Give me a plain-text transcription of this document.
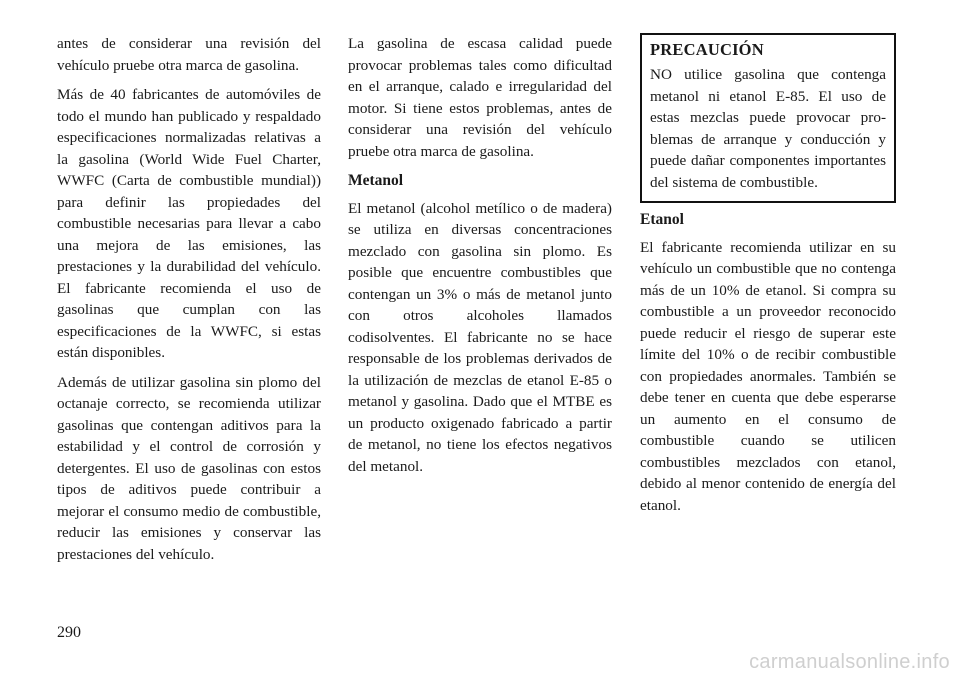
antes de considerar una revisión del vehículo pruebe otra marca de gasolina.

Más de 40 fabricantes de automóviles de todo el mundo han publicado y respaldado especificaciones normalizadas relativas a la gasolina (World Wide Fuel Charter, WWFC (Carta de combustible mundial)) para definir las propiedades del combustible necesarias para llevar a cabo una mejora de las emisiones, las prestaciones y la durabilidad del vehículo. El fabricante recomienda el uso de gasolinas que cumplan con las especificaciones de la WWFC, si estas están disponibles.

Además de utilizar gasolina sin plomo del octanaje correcto, se recomienda utilizar gasolinas que contengan aditivos para la estabilidad y el control de corrosión y detergentes. El uso de gasolinas con estos tipos de aditivos puede contribuir a mejorar el consumo medio de combustible, reducir las emisiones y conservar las prestaciones del vehículo.

La gasolina de escasa calidad puede provocar problemas tales como dificultad en el arranque, calado e irregularidad del motor. Si tiene estos problemas, antes de considerar una revisión del vehículo pruebe otra marca de gasolina.

Metanol

El metanol (alcohol metílico o de madera) se utiliza en diversas concentraciones mezclado con gasolina sin plomo. Es posible que encuentre combustibles que contengan un 3% o más de metanol junto con otros alcoholes llamados codisolventes. El fabricante no se hace responsable de los problemas derivados de la utilización de mezclas de etanol E-85 o metanol y gasolina. Dado que el MTBE es un producto oxigenado fabricado a partir de metanol, no tiene los efectos negativos del metanol.

PRECAUCIÓN

NO utilice gasolina que contenga metanol ni etanol E-85. El uso de estas mezclas puede provocar problemas de arranque y conducción y puede dañar componentes importantes del sistema de combustible.

Etanol

El fabricante recomienda utilizar en su vehículo un combustible que no contenga más de un 10% de etanol. Si compra su combustible a un proveedor reconocido puede reducir el riesgo de superar este límite del 10% o de recibir combustible con propiedades anormales. También se debe tener en cuenta que debe esperarse un aumento en el consumo de combustible cuando se utilicen combustibles mezclados con etanol, debido al menor contenido de energía del etanol.

290
carmanualsonline.info
